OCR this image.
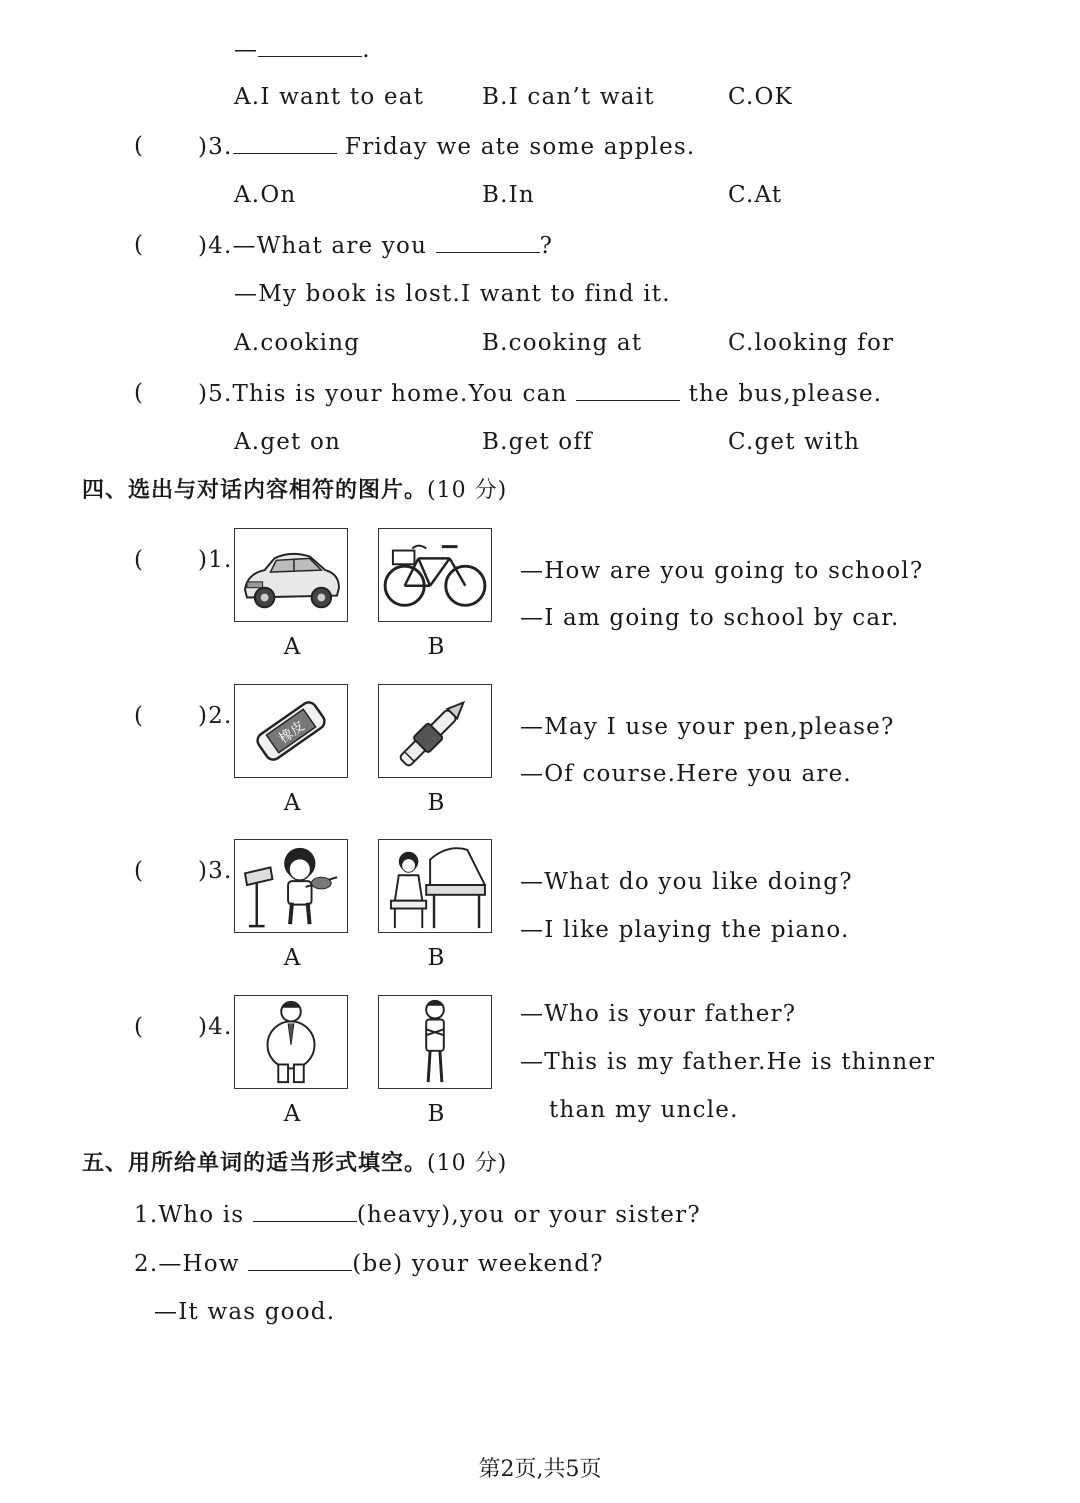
—	.
A.I want to eat	B.I can’t wait	C.OK
( )3.	Friday we ate some apples.
A.On	B.In	C.At
( )4.—What are you	?
—My book is lost.I want to find it.
A.cooking	B.cooking at	C.looking for
( )5.This is your home.You can	the bus,please.
A.get on	B.get off	C.get with
四、选出与对话内容相符的图片。(10 分)
( )1.
A	B
—How are you going to school?
—I am going to school by car.
( )2.
橡皮
A	B
—May I use your pen,please?
—Of course.Here you are.
( )3.
A	B
—What do you like doing?
—I like playing the piano.
( )4.
A	B
—Who is your father?
—This is my father.He is thinner
than my uncle.
五、用所给单词的适当形式填空。(10 分)
1.Who is	(heavy),you or your sister?
2.—How	(be) your weekend?
—It was good.
第2页,共5页
